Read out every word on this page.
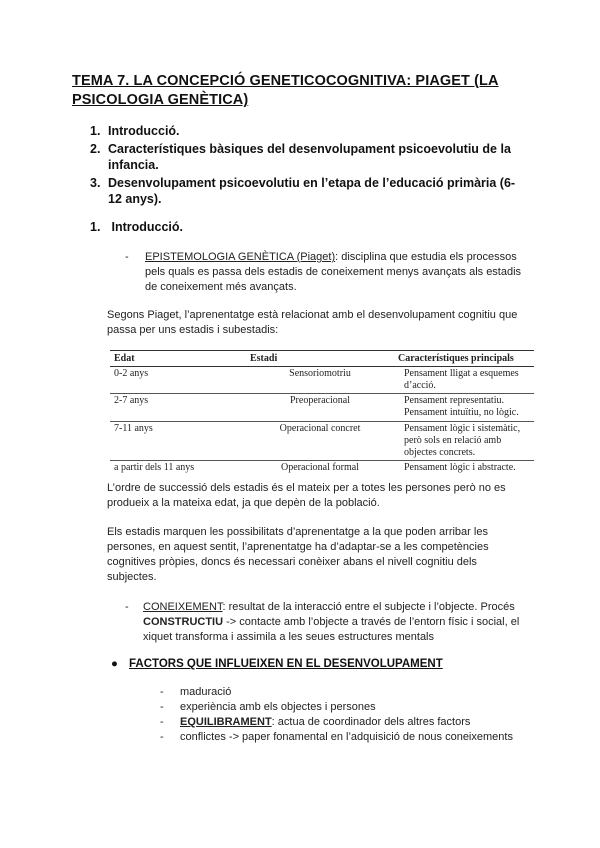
TEMA 7. LA CONCEPCIÓ GENETICOCOGNITIVA: PIAGET (LA PSICOLOGIA GENÈTICA)
1. Introducció.
2. Característiques bàsiques del desenvolupament psicoevolutiu de la infancia.
3. Desenvolupament psicoevolutiu en l’etapa de l’educació primària (6-12 anys).
1. Introducció.
-	EPISTEMOLOGIA GENÈTICA (Piaget): disciplina que estudia els processos pels quals es passa dels estadis de coneixement menys avançats als estadis de coneixement més avançats.
Segons Piaget, l’aprenentatge està relacionat amb el desenvolupament cognitiu que passa per uns estadis i subestadis:
Edat	Estadi	Característiques principals
0-2 anys	Sensoriomotriu	Pensament lligat a esquemes d’acció.
2-7 anys	Preoperacional	Pensament representatiu. Pensament intuïtiu, no lògic.
7-11 anys	Operacional concret	Pensament lògic i sistemàtic, però sols en relació amb objectes concrets.
a partir dels 11 anys	Operacional formal	Pensament lògic i abstracte.
L’ordre de successió dels estadis és el mateix per a totes les persones però no es produeix a la mateixa edat, ja que depèn de la població.
Els estadis marquen les possibilitats d’aprenentatge a la que poden arribar les persones, en aquest sentit, l’aprenentatge ha d’adaptar-se a les competències cognitives pròpies, doncs és necessari conèixer abans el nivell cognitiu dels subjectes.
-	CONEIXEMENT: resultat de la interacció entre el subjecte i l’objecte. Procés CONSTRUCTIU -> contacte amb l’objecte a través de l’entorn físic i social, el xiquet transforma i assimila a les seues estructures mentals
● FACTORS QUE INFLUEIXEN EN EL DESENVOLUPAMENT
- maduració
- experiència amb els objectes i persones
- EQUILIBRAMENT: actua de coordinador dels altres factors
- conflictes -> paper fonamental en l’adquisició de nous coneixements
